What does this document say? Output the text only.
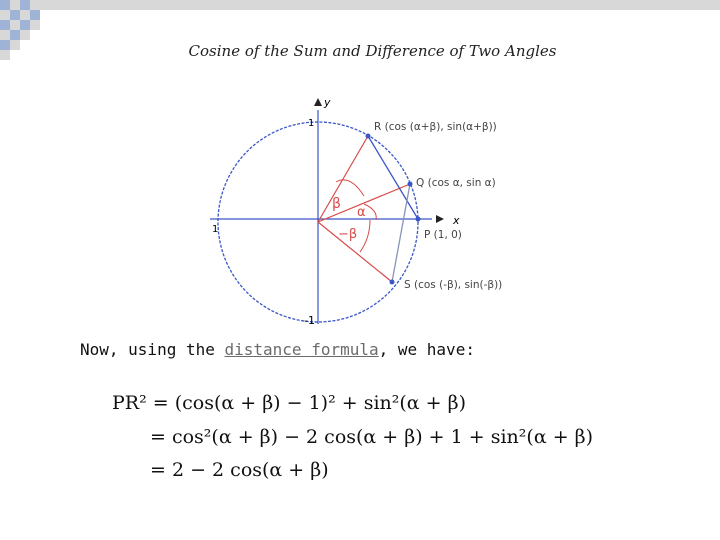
Cosine of the Sum and Difference of Two Angles
y
x
1
1
-1
β
α
−β
R (cos (α+β), sin(α+β))
Q (cos α, sin α)
P (1, 0)
S (cos (-β), sin(-β))
Now, using the distance formula, we have:
PR² = (cos(α + β) − 1)² + sin²(α + β)
= cos²(α + β) − 2 cos(α + β) + 1 + sin²(α + β)
= 2 − 2 cos(α + β)
